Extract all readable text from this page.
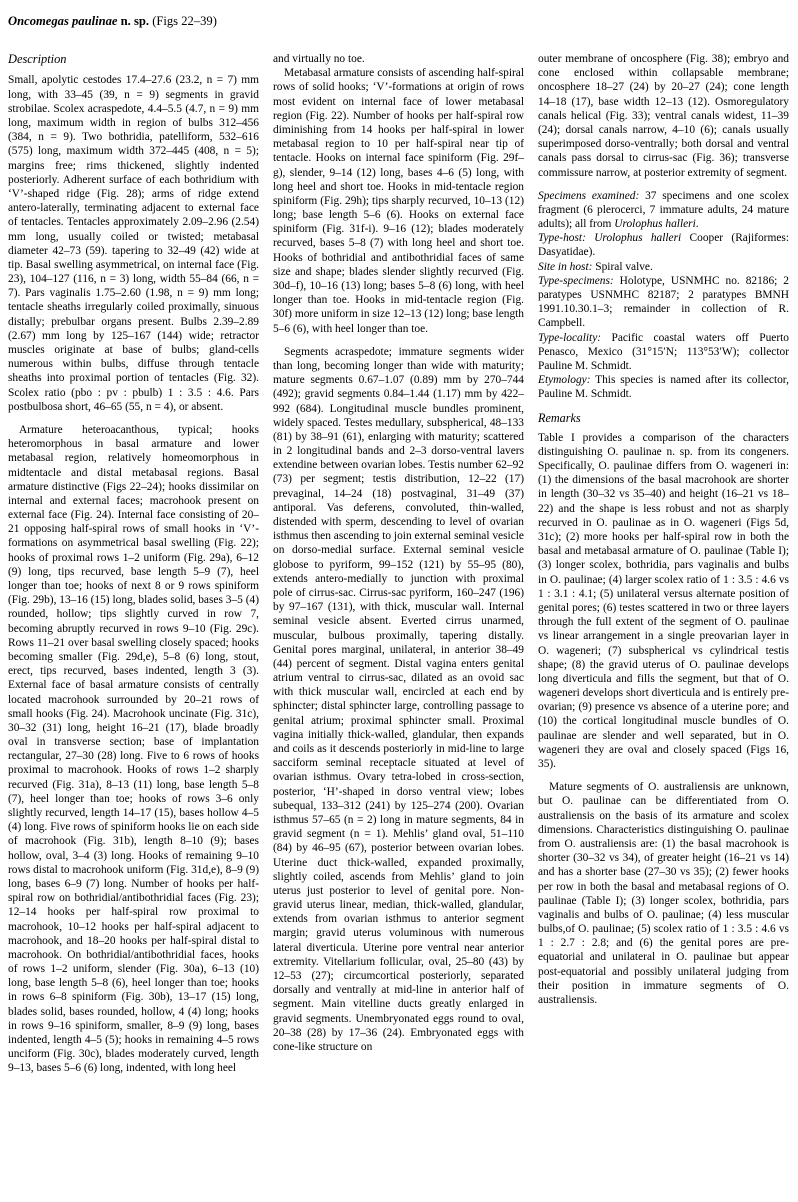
Oncomegas paulinae n. sp. (Figs 22–39)
Description

Small, apolytic cestodes 17.4–27.6 (23.2, n = 7) mm long, with 33–45 (39, n = 9) segments in gravid strobilae. Scolex acraspedote, 4.4–5.5 (4.7, n = 9) mm long, maximum width in region of bulbs 312–456 (384, n = 9). Two bothridia, patelliform, 532–616 (575) long, maximum width 372–445 (408, n = 5); margins free; rims thickened, slightly indented posteriorly. Adherent surface of each bothridium with ‘V’-shaped ridge (Fig. 28); arms of ridge extend antero-laterally, terminating adjacent to external face of tentacles. Tentacles approximately 2.09–2.96 (2.54) mm long, usually coiled or twisted; metabasal diameter 42–73 (59). tapering to 32–49 (42) wide at tip. Basal swelling asymmetrical, on internal face (Fig. 23), 104–127 (116, n = 3) long, width 55–84 (66, n = 7). Pars vaginalis 1.75–2.60 (1.98, n = 9) mm long; tentacle sheaths irregularly coiled proximally, sinuous distally; prebulbar organs present. Bulbs 2.39–2.89 (2.67) mm long by 125–167 (144) wide; retractor muscles originate at base of bulbs; gland-cells numerous within bulbs, diffuse through tentacle sheaths into proximal portion of tentacles (Fig. 32). Scolex ratio (pbo : pv : pbulb) 1 : 3.5 : 4.6. Pars postbulbosa short, 46–65 (55, n = 4), or absent.

Armature heteroacanthous, typical; hooks heteromorphous in basal armature and lower metabasal region, relatively homeomorphous in midtentacle and distal metabasal regions. Basal armature distinctive (Figs 22–24); hooks dissimilar on internal and external faces; macrohook present on external face (Fig. 24). Internal face consisting of 20–21 opposing half-spiral rows of small hooks in ‘V’-formations on asymmetrical basal swelling (Fig. 22); hooks of proximal rows 1–2 uniform (Fig. 29a), 6–12 (9) long, tips recurved, base length 5–9 (7), heel longer than toe; hooks of next 8 or 9 rows spiniform (Fig. 29b), 13–16 (15) long, blades solid, bases 3–5 (4) rounded, hollow; tips slightly curved in row 7, becoming abruptly recurved in rows 9–10 (Fig. 29c). Rows 11–21 over basal swelling closely spaced; hooks becoming smaller (Fig. 29d,e), 5–8 (6) long, stout, erect, tips recurved, bases indented, length 3 (3). External face of basal armature consists of centrally located macrohook surrounded by 20–21 rows of small hooks (Fig. 24). Macrohook uncinate (Fig. 31c), 30–32 (31) long, height 16–21 (17), blade broadly oval in transverse section; base of implantation rectangular, 27–30 (28) long. Five to 6 rows of hooks proximal to macrohook. Hooks of rows 1–2 sharply recurved (Fig. 31a), 8–13 (11) long, base length 5–8 (7), heel longer than toe; hooks of rows 3–6 only slightly recurved, length 14–17 (15), bases hollow 4–5 (4) long. Five rows of spiniform hooks lie on each side of macrohook (Fig. 31b), length 8–10 (9); bases hollow, oval, 3–4 (3) long. Hooks of remaining 9–10 rows distal to macrohook uniform (Fig. 31d,e), 8–9 (9) long, bases 6–9 (7) long. Number of hooks per half-spiral row on bothridial/antibothridial faces (Fig. 23); 12–14 hooks per half-spiral row proximal to macrohook, 10–12 hooks per half-spiral adjacent to macrohook, and 18–20 hooks per half-spiral distal to macrohook. On bothridial/antibothridial faces, hooks of rows 1–2 uniform, slender (Fig. 30a), 6–13 (10) long, base length 5–8 (6), heel longer than toe; hooks in rows 6–8 spiniform (Fig. 30b), 13–17 (15) long, blades solid, bases rounded, hollow, 4 (4) long; hooks in rows 9–16 spiniform, smaller, 8–9 (9) long, bases indented, length 4–5 (5); hooks in remaining 4–5 rows unciform (Fig. 30c), blades moderately curved, length 9–13, bases 5–6 (6) long, indented, with long heel

and virtually no toe.

Metabasal armature consists of ascending half-spiral rows of solid hooks; ‘V’-formations at origin of rows most evident on internal face of lower metabasal region (Fig. 22). Number of hooks per half-spiral row diminishing from 14 hooks per half-spiral in lower metabasal region to 10 per half-spiral near tip of tentacle. Hooks on internal face spiniform (Fig. 29f–g), slender, 9–14 (12) long, bases 4–6 (5) long, with long heel and short toe. Hooks in mid-tentacle region spiniform (Fig. 29h); tips sharply recurved, 10–13 (12) long; base length 5–6 (6). Hooks on external face spiniform (Fig. 31f-i). 9–16 (12); blades moderately recurved, bases 5–8 (7) with long heel and short toe. Hooks of bothridial and antibothridial faces of same size and shape; blades slender slightly recurved (Fig. 30d–f), 10–16 (13) long; bases 5–8 (6) long, with heel longer than toe. Hooks in mid-tentacle region (Fig. 30f) more uniform in size 12–13 (12) long; base length 5–6 (6), with heel longer than toe.

Segments acraspedote; immature segments wider than long, becoming longer than wide with maturity; mature segments 0.67–1.07 (0.89) mm by 270–744 (492); gravid segments 0.84–1.44 (1.17) mm by 422–992 (684). Longitudinal muscle bundles prominent, widely spaced. Testes medullary, subspherical, 48–133 (81) by 38–91 (61), enlarging with maturity; scattered in 2 longitudinal bands and 2–3 dorso-ventral lavers extendine between ovarian lobes. Testis number 62–92 (73) per segment; testis distribution, 12–22 (17) prevaginal, 14–24 (18) postvaginal, 31–49 (37) antiporal. Vas deferens, convoluted, thin-walled, distended with sperm, descending to level of ovarian isthmus then ascending to join external seminal vesicle on dorso-medial surface. External seminal vesicle globose to pyriform, 99–152 (121) by 55–95 (80), extends antero-medially to junction with proximal pole of cirrus-sac. Cirrus-sac pyriform, 160–247 (196) by 97–167 (131), with thick, muscular wall. Internal seminal vesicle absent. Everted cirrus unarmed, muscular, bulbous proximally, tapering distally. Genital pores marginal, unilateral, in anterior 38–49 (44) percent of segment. Distal vagina enters genital atrium ventral to cirrus-sac, dilated as an ovoid sac with thick muscular wall, encircled at each end by sphincter; distal sphincter large, controlling passage to genital atrium; proximal sphincter small. Proximal vagina initially thick-walled, glandular, then expands and coils as it descends posteriorly in mid-line to large sacciform seminal receptacle situated at level of ovarian isthmus. Ovary tetra-lobed in cross-section, posterior, ‘H’-shaped in dorso ventral view; lobes subequal, 133–312 (241) by 125–274 (200). Ovarian isthmus 57–65 (n = 2) long in mature segments, 84 in gravid segment (n = 1). Mehlis’ gland oval, 51–110 (84) by 46–95 (67), posterior between ovarian lobes. Uterine duct thick-walled, expanded proximally, slightly coiled, ascends from Mehlis’ gland to join uterus just posterior to level of genital pore. Non-gravid uterus linear, median, thick-walled, glandular, extends from ovarian isthmus to anterior segment margin; gravid uterus voluminous with numerous lateral diverticula. Uterine pore ventral near anterior extremity. Vitellarium follicular, oval, 25–80 (43) by 12–53 (27); circumcortical posteriorly, separated dorsally and ventrally at mid-line in anterior half of segment. Main vitelline ducts greatly enlarged in gravid segments. Unembryonated eggs round to oval, 20–38 (28) by 17–36 (24). Embryonated eggs with cone-like structure on

outer membrane of oncosphere (Fig. 38); embryo and cone enclosed within collapsable membrane; oncosphere 18–27 (24) by 20–27 (24); cone length 14–18 (17), base width 12–13 (12). Osmoregulatory canals helical (Fig. 33); ventral canals widest, 11–39 (24); dorsal canals narrow, 4–10 (6); canals usually superimposed dorso-ventrally; both dorsal and ventral canals pass dorsal to cirrus-sac (Fig. 36); transverse commissure narrow, at posterior extremity of segment.

Specimens examined: 37 specimens and one scolex fragment (6 plerocerci, 7 immature adults, 24 mature adults); all from Urolophus halleri.

Type-host: Urolophus halleri Cooper (Rajiformes: Dasyatidae).

Site in host: Spiral valve.

Type-specimens: Holotype, USNMHC no. 82186; 2 paratypes USNMHC 82187; 2 paratypes BMNH 1991.10.30.1–3; remainder in collection of R. Campbell.

Type-locality: Pacific coastal waters off Puerto Penasco, Mexico (31°15′N; 113°53′W); collector Pauline M. Schmidt.

Etymology: This species is named after its collector, Pauline M. Schmidt.

Remarks

Table I provides a comparison of the characters distinguishing O. paulinae n. sp. from its congeners. Specifically, O. paulinae differs from O. wageneri in: (1) the dimensions of the basal macrohook are shorter in length (30–32 vs 35–40) and height (16–21 vs 18–22) and the shape is less robust and not as sharply recurved in O. paulinae as in O. wageneri (Figs 5d, 31c); (2) more hooks per half-spiral row in both the basal and metabasal armature of O. paulinae (Table I); (3) longer scolex, bothridia, pars vaginalis and bulbs in O. paulinae; (4) larger scolex ratio of 1 : 3.5 : 4.6 vs 1 : 3.1 : 4.1; (5) unilateral versus alternate position of genital pores; (6) testes scattered in two or three layers through the full extent of the segment of O. paulinae vs linear arrangement in a single preovarian layer in O. wageneri; (7) subspherical vs cylindrical testis shape; (8) the gravid uterus of O. paulinae develops long diverticula and fills the segment, but that of O. wageneri develops short diverticula and is entirely pre-ovarian; (9) presence vs absence of a uterine pore; and (10) the cortical longitudinal muscle bundles of O. paulinae are slender and well separated, but in O. wageneri they are oval and closely spaced (Figs 16, 35).

Mature segments of O. australiensis are unknown, but O. paulinae can be differentiated from O. australiensis on the basis of its armature and scolex dimensions. Characteristics distinguishing O. paulinae from O. australiensis are: (1) the basal macrohook is shorter (30–32 vs 34), of greater height (16–21 vs 14) and has a shorter base (27–30 vs 35); (2) fewer hooks per row in both the basal and metabasal regions of O. paulinae (Table I); (3) longer scolex, bothridia, pars vaginalis and bulbs of O. paulinae; (4) less muscular bulbs,of O. paulinae; (5) scolex ratio of 1 : 3.5 : 4.6 vs 1 : 2.7 : 2.8; and (6) the genital pores are pre-equatorial and unilateral in O. paulinae but appear post-equatorial and possibly unilateral judging from their position in immature segments of O. australiensis.
